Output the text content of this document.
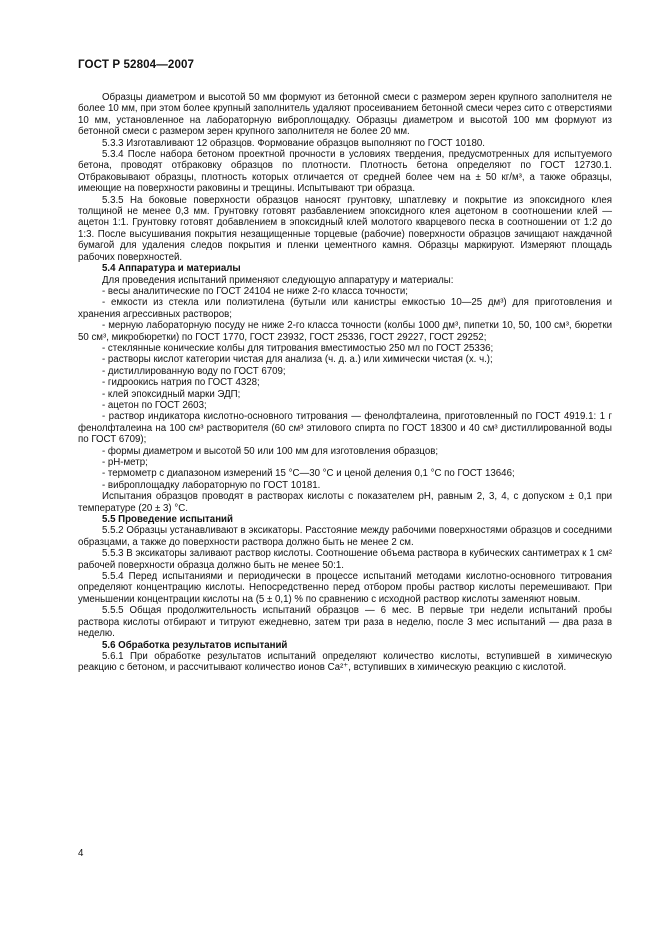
ГОСТ Р 52804—2007

Образцы диаметром и высотой 50 мм формуют из бетонной смеси с размером зерен крупного заполнителя не более 10 мм, при этом более крупный заполнитель удаляют просеиванием бетонной смеси через сито с отверстиями 10 мм, установленное на лабораторную виброплощадку. Образцы диаметром и высотой 100 мм формуют из бетонной смеси с размером зерен крупного заполнителя не более 20 мм.

5.3.3 Изготавливают 12 образцов. Формование образцов выполняют по ГОСТ 10180.

5.3.4 После набора бетоном проектной прочности в условиях твердения, предусмотренных для испытуемого бетона, проводят отбраковку образцов по плотности. Плотность бетона определяют по ГОСТ 12730.1. Отбраковывают образцы, плотность которых отличается от средней более чем на ± 50 кг/м³, а также образцы, имеющие на поверхности раковины и трещины. Испытывают три образца.

5.3.5 На боковые поверхности образцов наносят грунтовку, шпатлевку и покрытие из эпоксидного клея толщиной не менее 0,3 мм. Грунтовку готовят разбавлением эпоксидного клея ацетоном в соотношении клей — ацетон 1:1. Грунтовку готовят добавлением в эпоксидный клей молотого кварцевого песка в соотношении от 1:2 до 1:3. После высушивания покрытия незащищенные торцевые (рабочие) поверхности образцов зачищают наждачной бумагой для удаления следов покрытия и пленки цементного камня. Образцы маркируют. Измеряют площадь рабочих поверхностей.

5.4 Аппаратура и материалы

Для проведения испытаний применяют следующую аппаратуру и материалы:

- весы аналитические по ГОСТ 24104 не ниже 2-го класса точности;

- емкости из стекла или полиэтилена (бутыли или канистры емкостью 10—25 дм³) для приготовления и хранения агрессивных растворов;

- мерную лабораторную посуду не ниже 2-го класса точности (колбы 1000 дм³, пипетки 10, 50, 100 см³, бюретки 50 см³, микробюретки) по ГОСТ 1770, ГОСТ 23932, ГОСТ 25336, ГОСТ 29227, ГОСТ 29252;

- стеклянные конические колбы для титрования вместимостью 250 мл по ГОСТ 25336;

- растворы кислот категории чистая для анализа (ч. д. а.) или химически чистая (х. ч.);

- дистиллированную воду по ГОСТ 6709;

- гидроокись натрия по ГОСТ 4328;

- клей эпоксидный марки ЭДП;

- ацетон по ГОСТ 2603;

- раствор индикатора кислотно-основного титрования — фенолфталеина, приготовленный по ГОСТ 4919.1: 1 г фенолфталеина на 100 см³ растворителя (60 см³ этилового спирта по ГОСТ 18300 и 40 см³ дистиллированной воды по ГОСТ 6709);

- формы диаметром и высотой 50 или 100 мм для изготовления образцов;

- pH-метр;

- термометр с диапазоном измерений 15 °С—30 °С и ценой деления 0,1 °С по ГОСТ 13646;

- виброплощадку лабораторную по ГОСТ 10181.

Испытания образцов проводят в растворах кислоты с показателем pH, равным 2, 3, 4, с допуском ± 0,1 при температуре (20 ± 3) °С.

5.5 Проведение испытаний

5.5.2 Образцы устанавливают в эксикаторы. Расстояние между рабочими поверхностями образцов и соседними образцами, а также до поверхности раствора должно быть не менее 2 см.

5.5.3 В эксикаторы заливают раствор кислоты. Соотношение объема раствора в кубических сантиметрах к 1 см² рабочей поверхности образца должно быть не менее 50:1.

5.5.4 Перед испытаниями и периодически в процессе испытаний методами кислотно-основного титрования определяют концентрацию кислоты. Непосредственно перед отбором пробы раствор кислоты перемешивают. При уменьшении концентрации кислоты на (5 ± 0,1) % по сравнению с исходной раствор кислоты заменяют новым.

5.5.5 Общая продолжительность испытаний образцов — 6 мес. В первые три недели испытаний пробы раствора кислоты отбирают и титруют ежедневно, затем три раза в неделю, после 3 мес испытаний — два раза в неделю.

5.6 Обработка результатов испытаний

5.6.1 При обработке результатов испытаний определяют количество кислоты, вступившей в химическую реакцию с бетоном, и рассчитывают количество ионов Ca²⁺, вступивших в химическую реакцию с кислотой.

4
